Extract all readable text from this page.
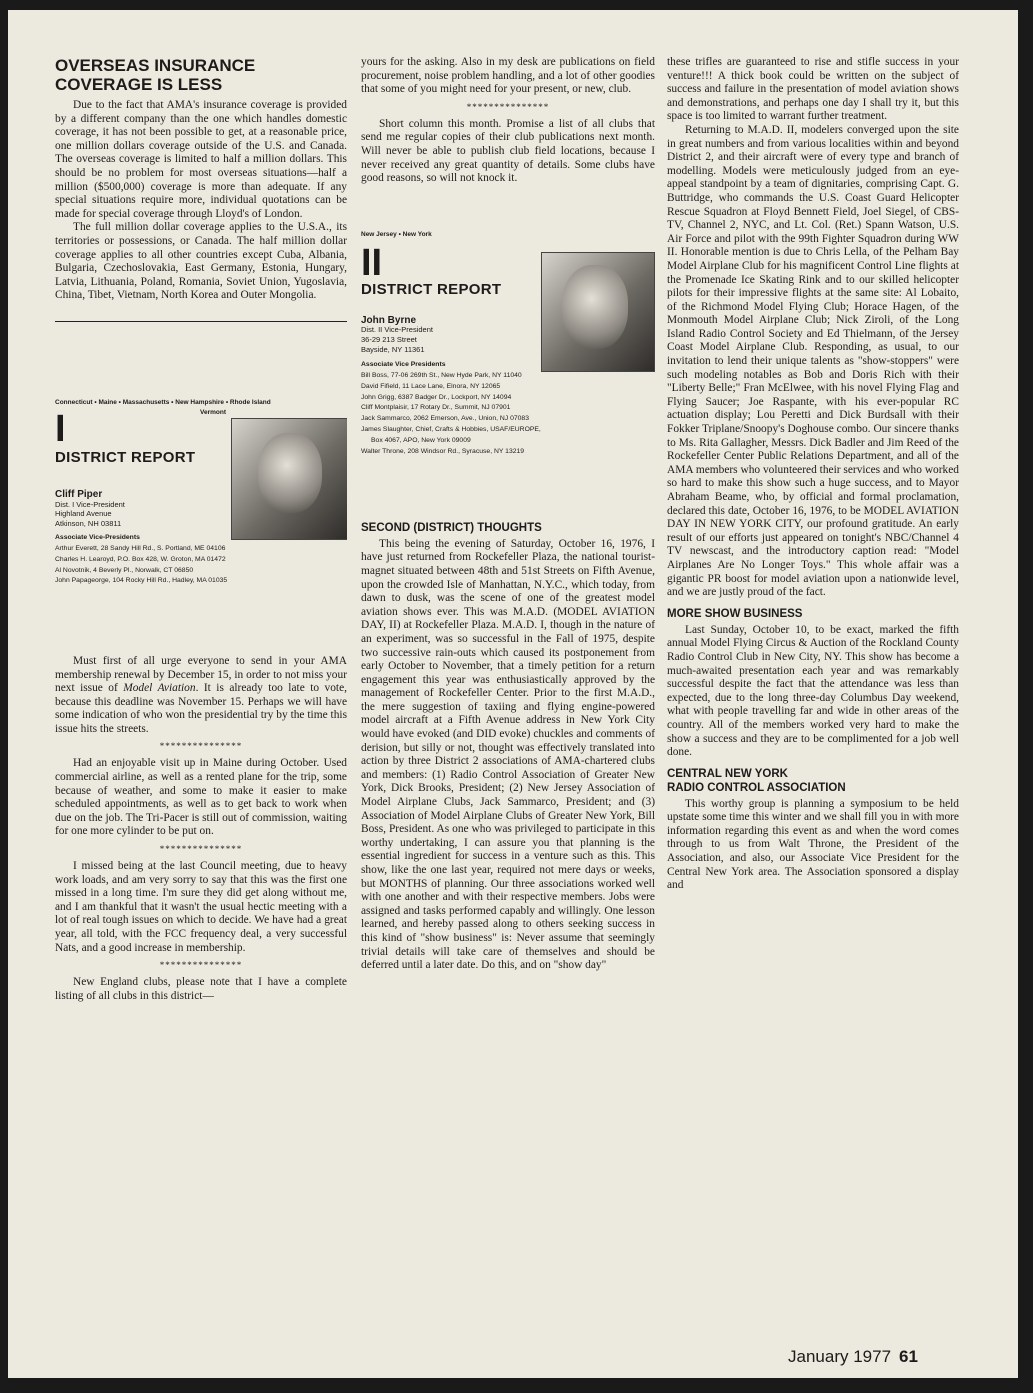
OVERSEAS INSURANCE COVERAGE IS LESS

Due to the fact that AMA's insurance coverage is provided by a different company than the one which handles domestic coverage, it has not been possible to get, at a reasonable price, one million dollars coverage outside of the U.S. and Canada. The overseas coverage is limited to half a million dollars. This should be no problem for most overseas situations—half a million ($500,000) coverage is more than adequate. If any special situations require more, individual quotations can be made for special coverage through Lloyd's of London.

The full million dollar coverage applies to the U.S.A., its territories or possessions, or Canada. The half million dollar coverage applies to all other countries except Cuba, Albania, Bulgaria, Czechoslovakia, East Germany, Estonia, Hungary, Latvia, Lithuania, Poland, Romania, Soviet Union, Yugoslavia, China, Tibet, Vietnam, North Korea and Outer Mongolia.

Connecticut • Maine • Massachusetts • New Hampshire • Rhode Island
Vermont
I
DISTRICT REPORT
Cliff Piper
Dist. I Vice-President
Highland Avenue
Atkinson, NH 03811
Associate Vice-Presidents
Arthur Everett, 28 Sandy Hill Rd., S. Portland, ME 04106
Charles H. Learoyd, P.O. Box 428, W. Groton, MA 01472
Al Novotnik, 4 Beverly Pl., Norwalk, CT 06850
John Papageorge, 104 Rocky Hill Rd., Hadley, MA 01035

Must first of all urge everyone to send in your AMA membership renewal by December 15, in order to not miss your next issue of Model Aviation. It is already too late to vote, because this deadline was November 15. Perhaps we will have some indication of who won the presidential try by the time this issue hits the streets.

***************

Had an enjoyable visit up in Maine during October. Used commercial airline, as well as a rented plane for the trip, some because of weather, and some to make it easier to make scheduled appointments, as well as to get back to work when due on the job. The Tri-Pacer is still out of commission, waiting for one more cylinder to be put on.

***************

I missed being at the last Council meeting, due to heavy work loads, and am very sorry to say that this was the first one missed in a long time. I'm sure they did get along without me, and I am thankful that it wasn't the usual hectic meeting with a lot of real tough issues on which to decide. We have had a great year, all told, with the FCC frequency deal, a very successful Nats, and a good increase in membership.

***************

New England clubs, please note that I have a complete listing of all clubs in this district—

yours for the asking. Also in my desk are publications on field procurement, noise problem handling, and a lot of other goodies that some of you might need for your present, or new, club.

***************

Short column this month. Promise a list of all clubs that send me regular copies of their club publications next month. Will never be able to publish club field locations, because I never received any great quantity of details. Some clubs have good reasons, so will not knock it.

New Jersey • New York
II
DISTRICT REPORT
John Byrne
Dist. II Vice-President
36-29 213 Street
Bayside, NY 11361
Associate Vice Presidents
Bill Boss, 77-06 269th St., New Hyde Park, NY 11040
David Fifield, 11 Lace Lane, Elnora, NY 12065
John Grigg, 6387 Badger Dr., Lockport, NY 14094
Cliff Montplaisir, 17 Rotary Dr., Summit, NJ 07901
Jack Sammarco, 2062 Emerson, Ave., Union, NJ 07083
James Slaughter, Chief, Crafts & Hobbies, USAF/EUROPE,
Box 4067, APO, New York 09009
Walter Throne, 208 Windsor Rd., Syracuse, NY 13219
SECOND (DISTRICT) THOUGHTS

This being the evening of Saturday, October 16, 1976, I have just returned from Rockefeller Plaza, the national tourist-magnet situated between 48th and 51st Streets on Fifth Avenue, upon the crowded Isle of Manhattan, N.Y.C., which today, from dawn to dusk, was the scene of one of the greatest model aviation shows ever. This was M.A.D. (MODEL AVIATION DAY, II) at Rockefeller Plaza. M.A.D. I, though in the nature of an experiment, was so successful in the Fall of 1975, despite two successive rain-outs which caused its postponement from early October to November, that a timely petition for a return engagement this year was enthusiastically approved by the management of Rockefeller Center. Prior to the first M.A.D., the mere suggestion of taxiing and flying engine-powered model aircraft at a Fifth Avenue address in New York City would have evoked (and DID evoke) chuckles and comments of derision, but silly or not, thought was effectively translated into action by three District 2 associations of AMA-chartered clubs and members: (1) Radio Control Association of Greater New York, Dick Brooks, President; (2) New Jersey Association of Model Airplane Clubs, Jack Sammarco, President; and (3) Association of Model Airplane Clubs of Greater New York, Bill Boss, President. As one who was privileged to participate in this worthy undertaking, I can assure you that planning is the essential ingredient for success in a venture such as this. This show, like the one last year, required not mere days or weeks, but MONTHS of planning. Our three associations worked well with one another and with their respective members. Jobs were assigned and tasks performed capably and willingly. One lesson learned, and hereby passed along to others seeking success in this kind of "show business" is: Never assume that seemingly trivial details will take care of themselves and should be deferred until a later date. Do this, and on "show day"

these trifles are guaranteed to rise and stifle success in your venture!!! A thick book could be written on the subject of success and failure in the presentation of model aviation shows and demonstrations, and perhaps one day I shall try it, but this space is too limited to warrant further treatment.

Returning to M.A.D. II, modelers converged upon the site in great numbers and from various localities within and beyond District 2, and their aircraft were of every type and branch of modelling. Models were meticulously judged from an eye-appeal standpoint by a team of dignitaries, comprising Capt. G. Buttridge, who commands the U.S. Coast Guard Helicopter Rescue Squadron at Floyd Bennett Field, Joel Siegel, of CBS-TV, Channel 2, NYC, and Lt. Col. (Ret.) Spann Watson, U.S. Air Force and pilot with the 99th Fighter Squadron during WW II. Honorable mention is due to Chris Lella, of the Pelham Bay Model Airplane Club for his magnificent Control Line flights at the Promenade Ice Skating Rink and to our skilled helicopter pilots for their impressive flights at the same site: Al Lobaito, of the Richmond Model Flying Club; Horace Hagen, of the Monmouth Model Airplane Club; Nick Ziroli, of the Long Island Radio Control Society and Ed Thielmann, of the Jersey Coast Model Airplane Club. Responding, as usual, to our invitation to lend their unique talents as "show-stoppers" were such modeling notables as Bob and Doris Rich with their "Liberty Belle;" Fran McElwee, with his novel Flying Flag and Flying Saucer; Joe Raspante, with his ever-popular RC actuation display; Lou Peretti and Dick Burdsall with their Fokker Triplane/Snoopy's Doghouse combo. Our sincere thanks to Ms. Rita Gallagher, Messrs. Dick Badler and Jim Reed of the Rockefeller Center Public Relations Department, and all of the AMA members who volunteered their services and who worked so hard to make this show such a huge success, and to Mayor Abraham Beame, who, by official and formal proclamation, declared this date, October 16, 1976, to be MODEL AVIATION DAY IN NEW YORK CITY, our profound gratitude. An early result of our efforts just appeared on tonight's NBC/Channel 4 TV newscast, and the introductory caption read: "Model Airplanes Are No Longer Toys." This whole affair was a gigantic PR boost for model aviation upon a nationwide level, and we are justly proud of the fact.

MORE SHOW BUSINESS

Last Sunday, October 10, to be exact, marked the fifth annual Model Flying Circus & Auction of the Rockland County Radio Control Club in New City, NY. This show has become a much-awaited presentation each year and was remarkably successful despite the fact that the attendance was less than expected, due to the long three-day Columbus Day weekend, what with people travelling far and wide in other areas of the country. All of the members worked very hard to make the show a success and they are to be complimented for a job well done.

CENTRAL NEW YORK
RADIO CONTROL ASSOCIATION

This worthy group is planning a symposium to be held upstate some time this winter and we shall fill you in with more information regarding this event as and when the word comes through to us from Walt Throne, the President of the Association, and also, our Associate Vice President for the Central New York area. The Association sponsored a display and

January 1977 61
